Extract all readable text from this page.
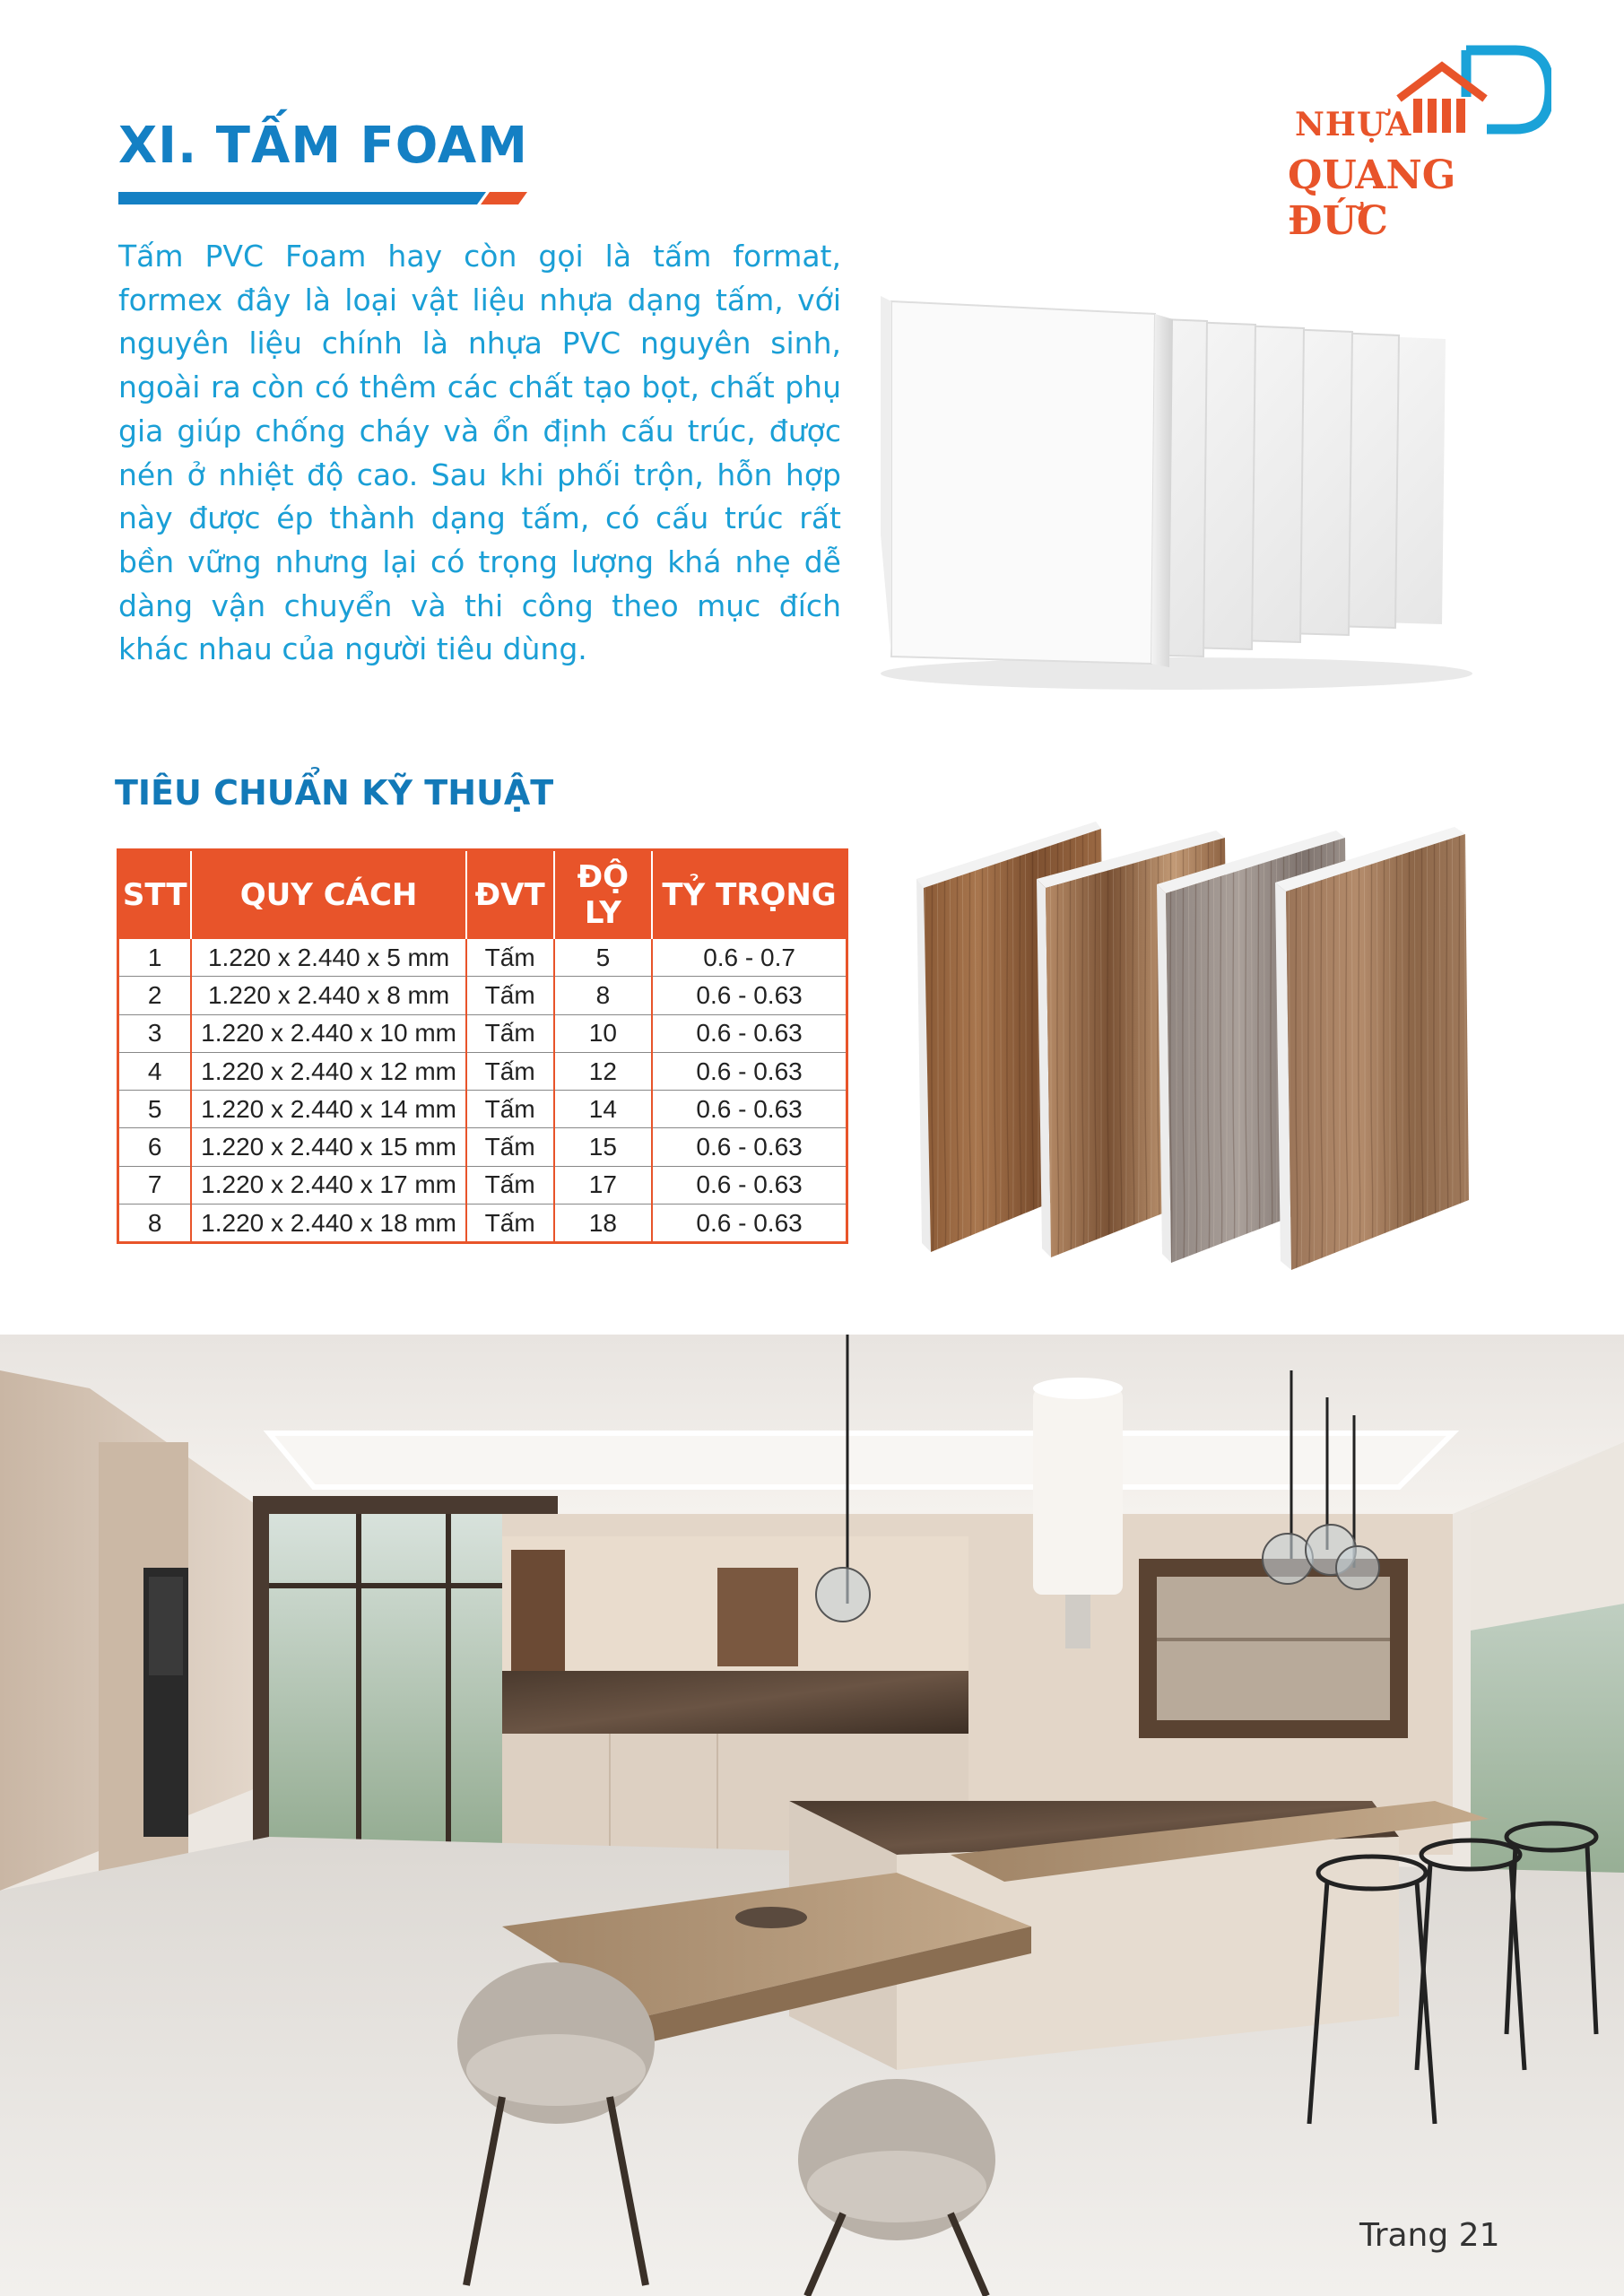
XI. TẤM FOAM	NHỰA
QUANG ĐỨC

Tấm PVC Foam hay còn gọi là tấm format, formex đây là loại vật liệu nhựa dạng tấm, với nguyên liệu chính là nhựa PVC nguyên sinh, ngoài ra còn có thêm các chất tạo bọt, chất phụ gia giúp chống cháy và ổn định cấu trúc, được nén ở nhiệt độ cao. Sau khi phối trộn, hỗn hợp này được ép thành dạng tấm, có cấu trúc rất bền vững nhưng lại có trọng lượng khá nhẹ dễ dàng vận chuyển và thi công theo mục đích khác nhau của người tiêu dùng.

TIÊU CHUẨN KỸ THUẬT
STT	QUY CÁCH	ĐVT	ĐỘ LY	TỶ TRỌNG
1	1.220 x 2.440 x 5 mm	Tấm	5	0.6 - 0.7
2	1.220 x 2.440 x 8 mm	Tấm	8	0.6 - 0.63
3	1.220 x 2.440 x 10 mm	Tấm	10	0.6 - 0.63
4	1.220 x 2.440 x 12 mm	Tấm	12	0.6 - 0.63
5	1.220 x 2.440 x 14 mm	Tấm	14	0.6 - 0.63
6	1.220 x 2.440 x 15 mm	Tấm	15	0.6 - 0.63
7	1.220 x 2.440 x 17 mm	Tấm	17	0.6 - 0.63
8	1.220 x 2.440 x 18 mm	Tấm	18	0.6 - 0.63
Trang 21
